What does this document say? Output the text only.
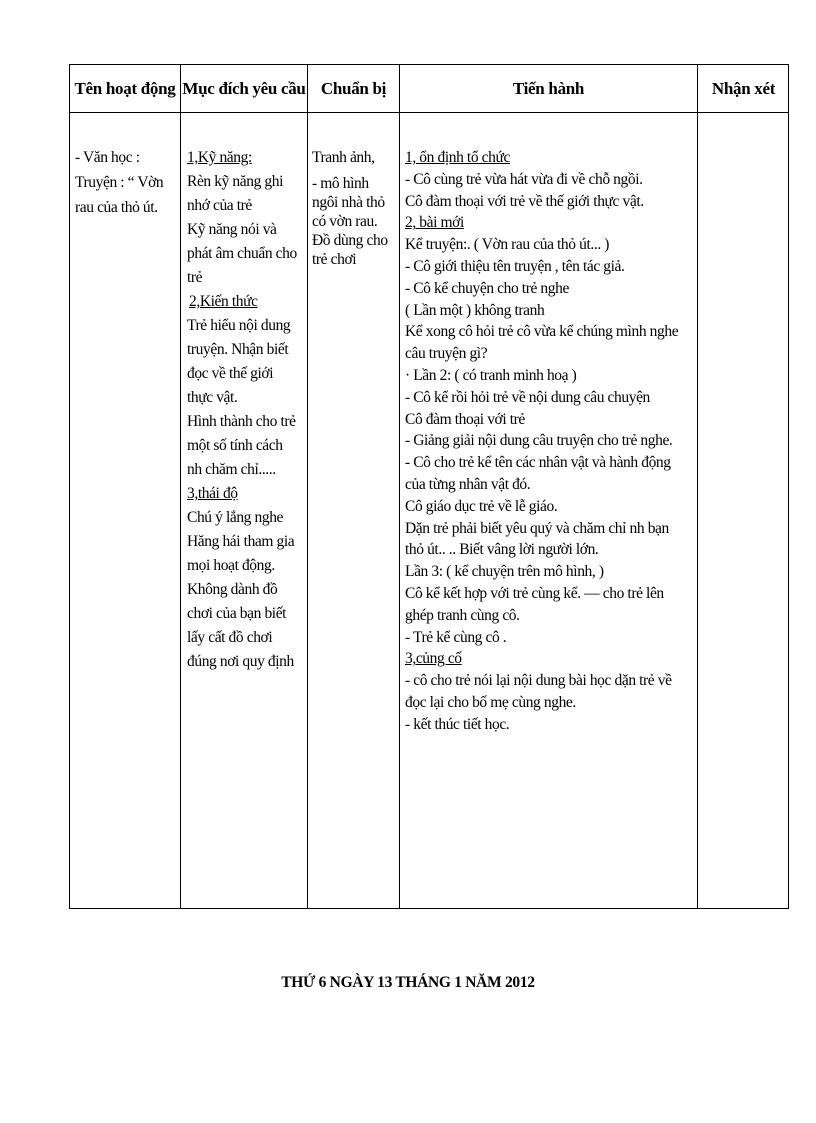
Tên hoạt động Mục đích yêu cầu Chuẩn bị	Tiến hành	Nhận xét
- Văn học :
Truyện : “ Vờn
rau của thỏ út.
1,Kỹ năng:
Rèn kỹ năng ghi
nhớ của trẻ
Kỹ năng nói và
phát âm chuẩn cho
trẻ
2,Kiến thức
Trẻ hiểu nội dung
truyện. Nhận biết
đọc về thế giới
thực vật.
Hình thành cho trẻ
một số tính cách
nh chăm chỉ.....
3,thái độ
Chú ý lắng nghe
Hăng hái tham gia
mọi hoạt động.
Không dành đồ
chơi của bạn biết
lấy cất đồ chơi
đúng nơi quy định
Tranh ảnh,
- mô hình
ngôi nhà thỏ
có vờn rau.
Đồ dùng cho
trẻ chơi
1, ổn định tổ chức
- Cô cùng trẻ vừa hát vừa đi về chỗ ngồi.
Cô đàm thoại với trẻ về thế giới thực vật.
2, bài mới
Kể truyện:. ( Vờn rau của thỏ út... )
- Cô giới thiệu tên truyện , tên tác giả.
- Cô kể chuyện cho trẻ nghe
( Lần một ) không tranh
Kể xong cô hỏi trẻ cô vừa kể chúng mình nghe
câu truyện gì?
· Lần 2: ( có tranh minh hoạ )
- Cô kể rồi hỏi trẻ về nội dung câu chuyện
Cô đàm thoại với trẻ
- Giảng giải nội dung câu truyện cho trẻ nghe.
- Cô cho trẻ kể tên các nhân vật và hành động
của từng nhân vật đó.
Cô giáo dục trẻ về lễ giáo.
Dặn trẻ phải biết yêu quý và chăm chỉ nh bạn
thỏ út.. .. Biết vâng lời người lớn.
Lần 3: ( kể chuyện trên mô hình, )
Cô kể kết hợp với trẻ cùng kể. — cho trẻ lên
ghép tranh cùng cô.
- Trẻ kể cùng cô .
3,củng cố
- cô cho trẻ nói lại nội dung bài học dặn trẻ về
đọc lại cho bố mẹ cùng nghe.
- kết thúc tiết học.
THỨ 6 NGÀY 13 THÁNG 1 NĂM 2012
